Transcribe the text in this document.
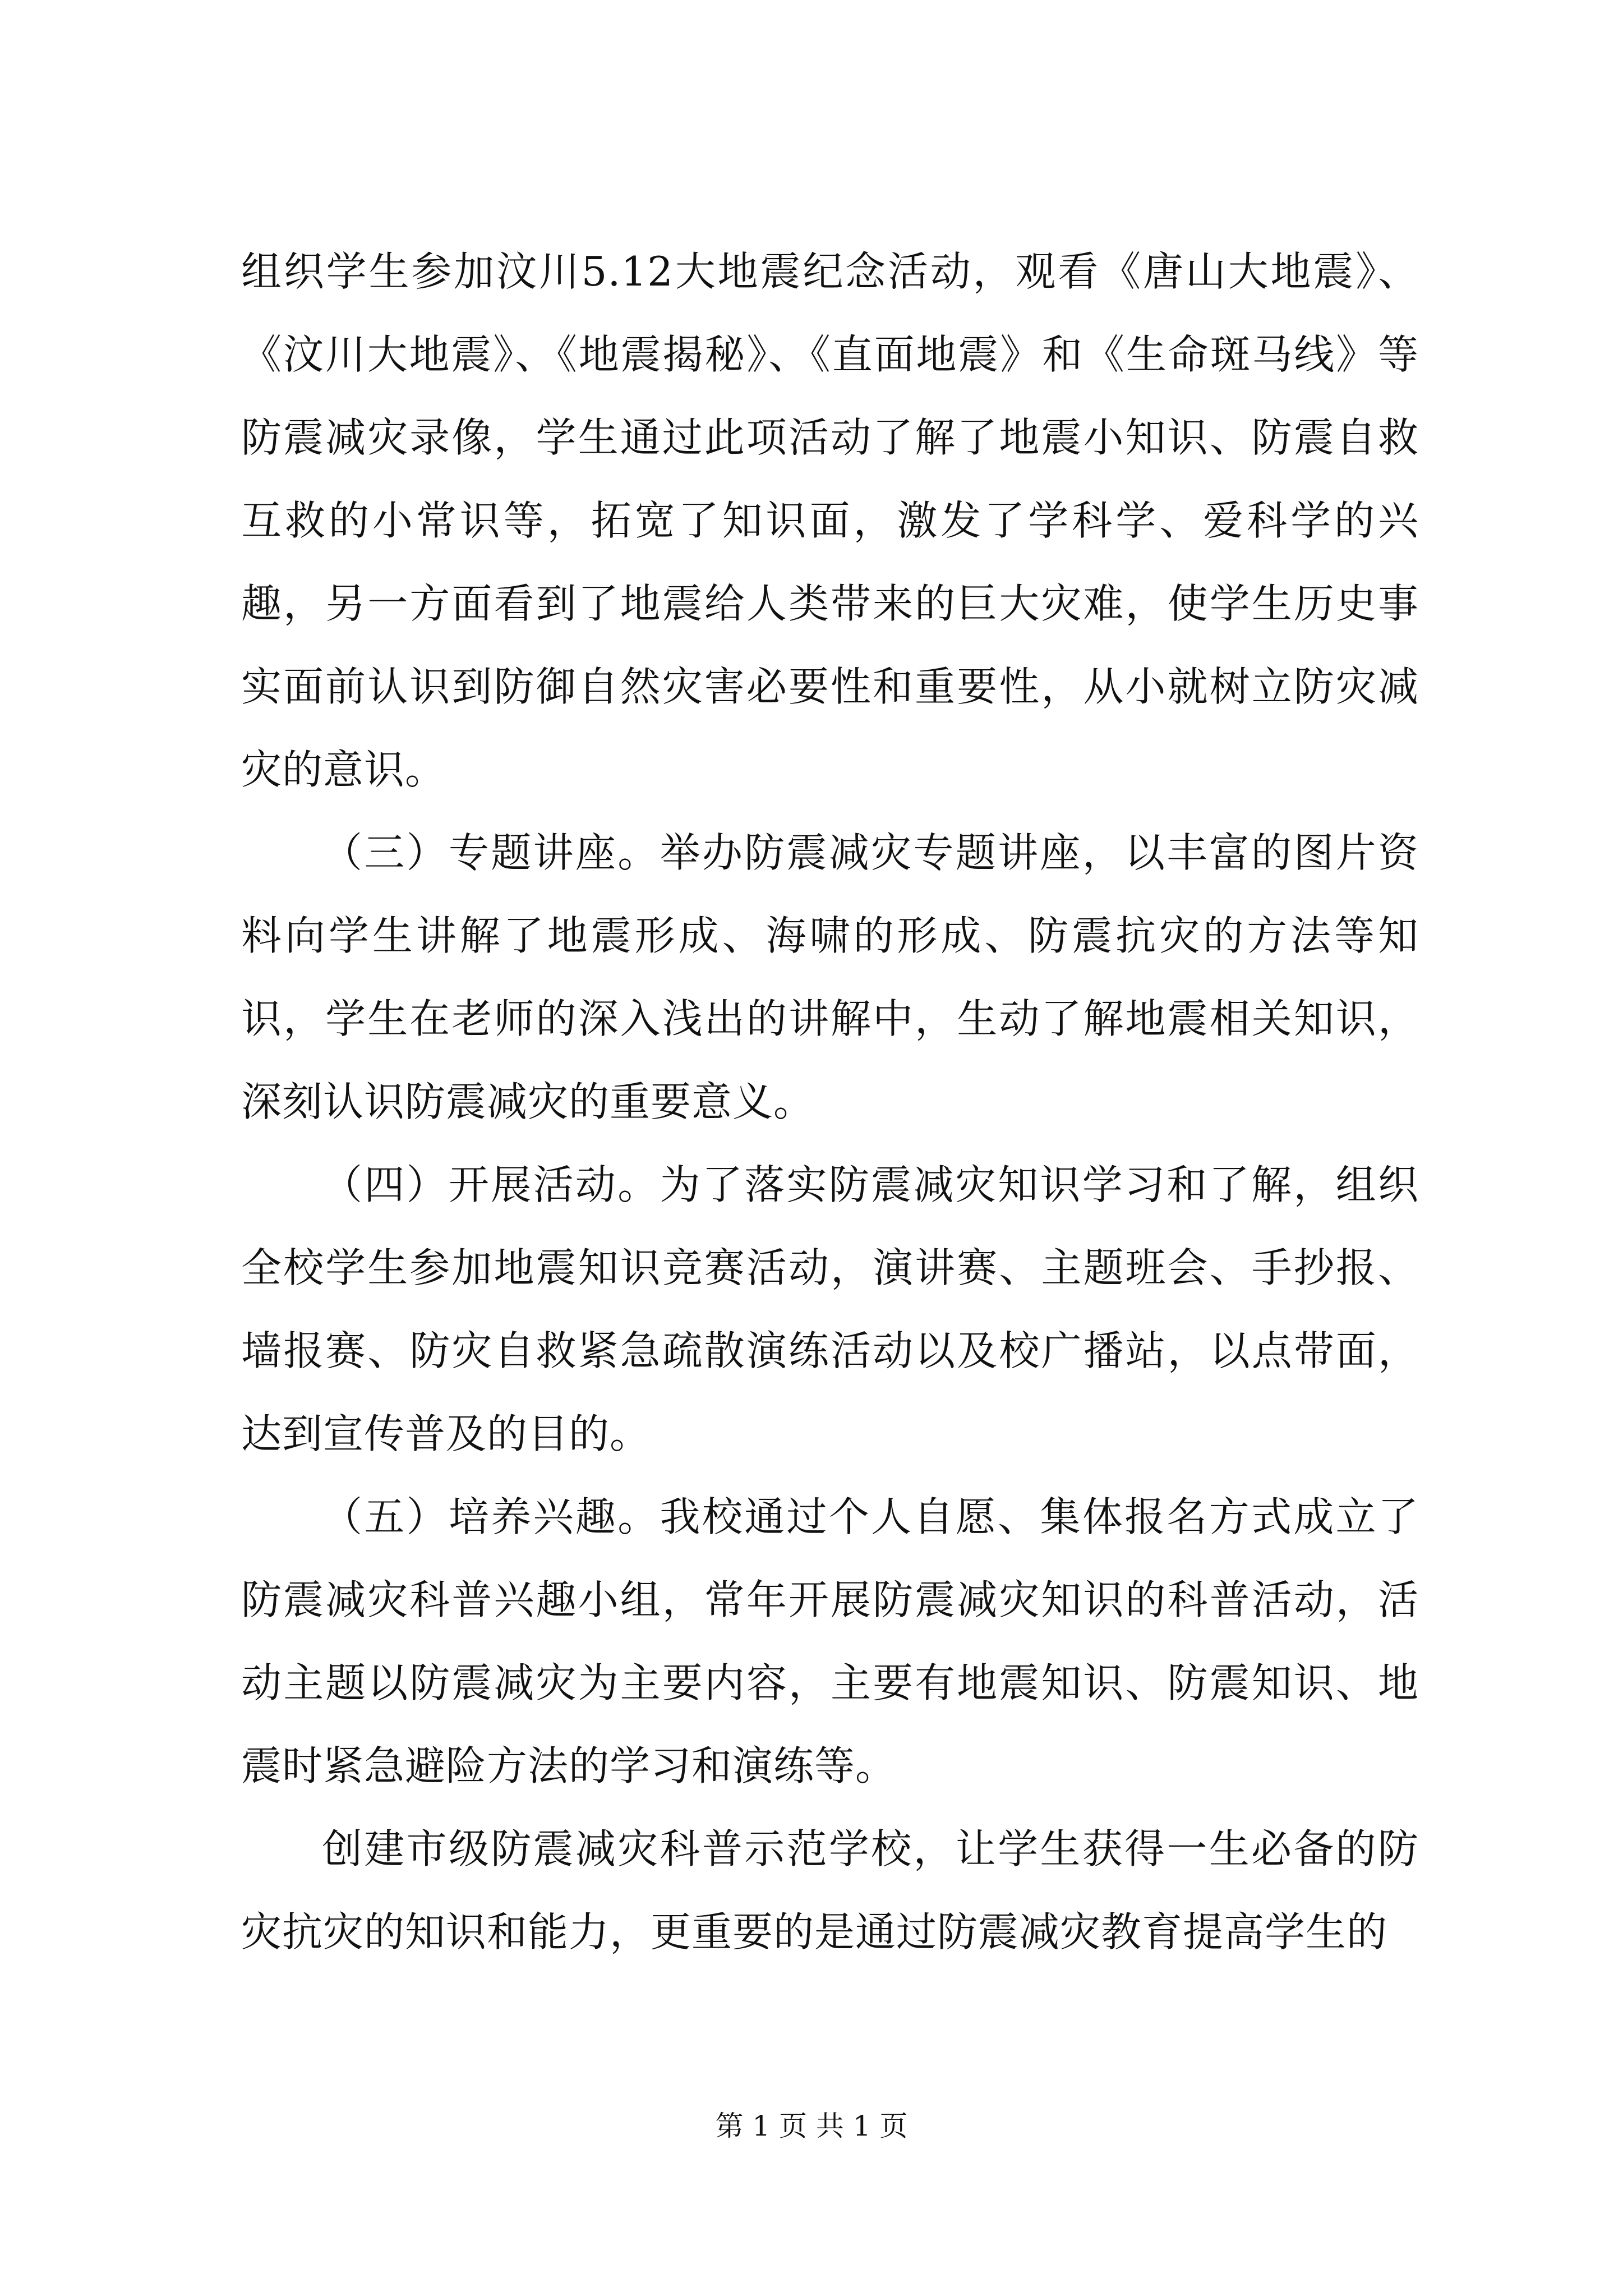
组织学生参加汶川5.12大地震纪念活动，观看《唐山大地震》、《汶川大地震》、《地震揭秘》、《直面地震》和《生命斑马线》等防震减灾录像，学生通过此项活动了解了地震小知识、防震自救互救的小常识等，拓宽了知识面，激发了学科学、爱科学的兴趣，另一方面看到了地震给人类带来的巨大灾难，使学生历史事实面前认识到防御自然灾害必要性和重要性，从小就树立防灾减灾的意识。

（三）专题讲座。举办防震减灾专题讲座，以丰富的图片资料向学生讲解了地震形成、海啸的形成、防震抗灾的方法等知识，学生在老师的深入浅出的讲解中，生动了解地震相关知识，深刻认识防震减灾的重要意义。

（四）开展活动。为了落实防震减灾知识学习和了解，组织全校学生参加地震知识竞赛活动，演讲赛、主题班会、手抄报、墙报赛、防灾自救紧急疏散演练活动以及校广播站，以点带面，达到宣传普及的目的。

（五）培养兴趣。我校通过个人自愿、集体报名方式成立了防震减灾科普兴趣小组，常年开展防震减灾知识的科普活动，活动主题以防震减灾为主要内容，主要有地震知识、防震知识、地震时紧急避险方法的学习和演练等。

创建市级防震减灾科普示范学校，让学生获得一生必备的防灾抗灾的知识和能力，更重要的是通过防震减灾教育提高学生的

第 1 页 共 1 页
